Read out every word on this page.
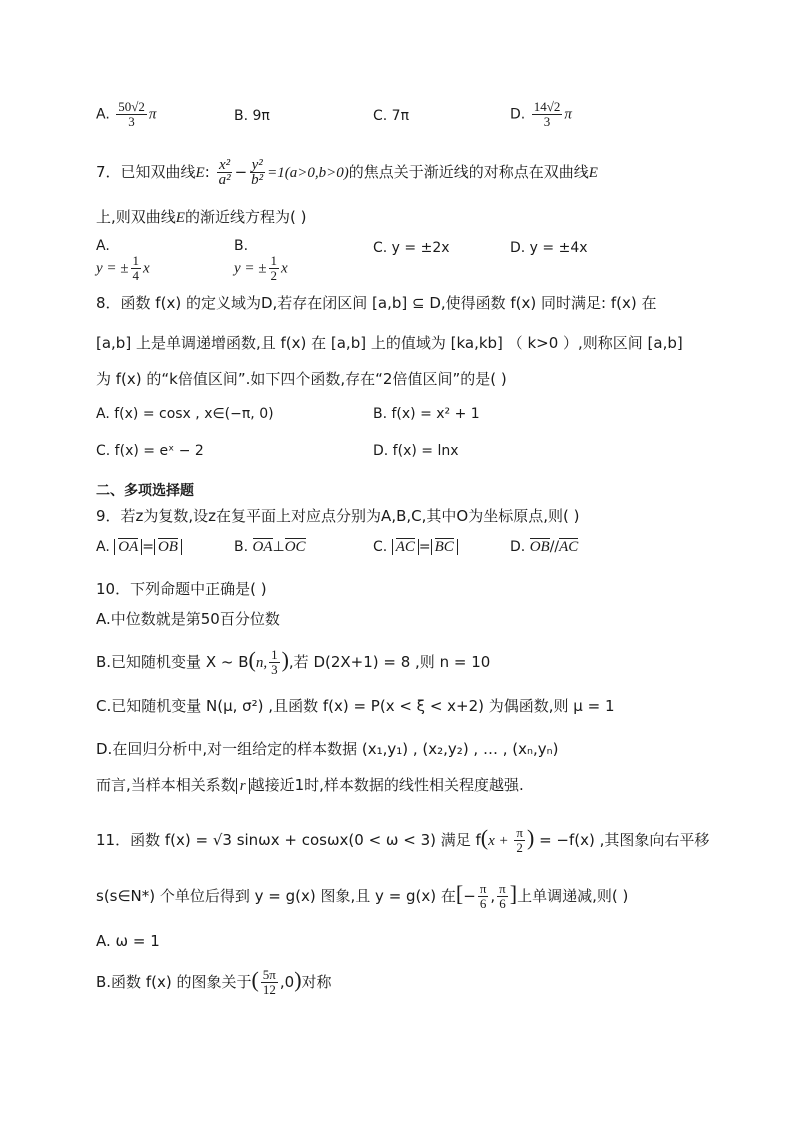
A. $\frac{50√2}{3}$ π	B. 9π	C. 7π	D. $\frac{14√2}{3}$ π
7．已知双曲线E: $\frac{\text{x²}}{\text{a²}} - \frac{\text{y²}}{\text{b²}} =1(a>0,b>0)$的焦点关于渐近线的对称点在双曲线E
上,则双曲线E的渐近线方程为( )
A.
y = ± $\frac{1}{4}$ x
B.
y = ± $\frac{1}{2}$ x
C. y = ±2x	D. y = ±4x
8．函数 f(x) 的定义域为D,若存在闭区间 [a,b] ⊆ D,使得函数 f(x) 同时满足: f(x) 在
[a,b] 上是单调递增函数,且 f(x) 在 [a,b] 上的值域为 [ka,kb] （ k>0 ）,则称区间 [a,b]
为 f(x) 的“k倍值区间”.如下四个函数,存在“2倍值区间”的是( )
A. f(x) = cosx , x∈(−π, 0)	B. f(x) = x² + 1
C. f(x) = eˣ − 2	D. f(x) = lnx
二、多项选择题
9．若z为复数,设z在复平面上对应点分别为A,B,C,其中O为坐标原点,则( )
A. OA = OB	B. OA⊥OC	C. AC = BC	D. OB//AC
10．下列命题中正确是( )
A.中位数就是第50百分位数
B.已知随机变量 X ~ B(n, $\frac{1}{3}$ ),若 D(2X+1) = 8 ,则 n = 10
C.已知随机变量 N(μ, σ²) ,且函数 f(x) = P(x < ξ < x+2) 为偶函数,则 μ = 1
D.在回归分析中,对一组给定的样本数据 (x₁,y₁) , (x₂,y₂) , … , (xₙ,yₙ)
而言,当样本相关系数 r 越接近1时,样本数据的线性相关程度越强.
11．函数 f(x) = √3 sinωx + cosωx(0 < ω < 3) 满足 $f(x + \frac{\pi}{2}$ ) = −f(x) ,其图象向右平移
s(s∈N*) 个单位后得到 y = g(x) 图象,且 y = g(x) 在[− $\frac{\pi}{6}$ , $\frac{\pi}{6}$ ]上单调递减,则( )
A. ω = 1
B.函数 f(x) 的图象关于( $\frac{5\pi}{12} ,0$)对称
